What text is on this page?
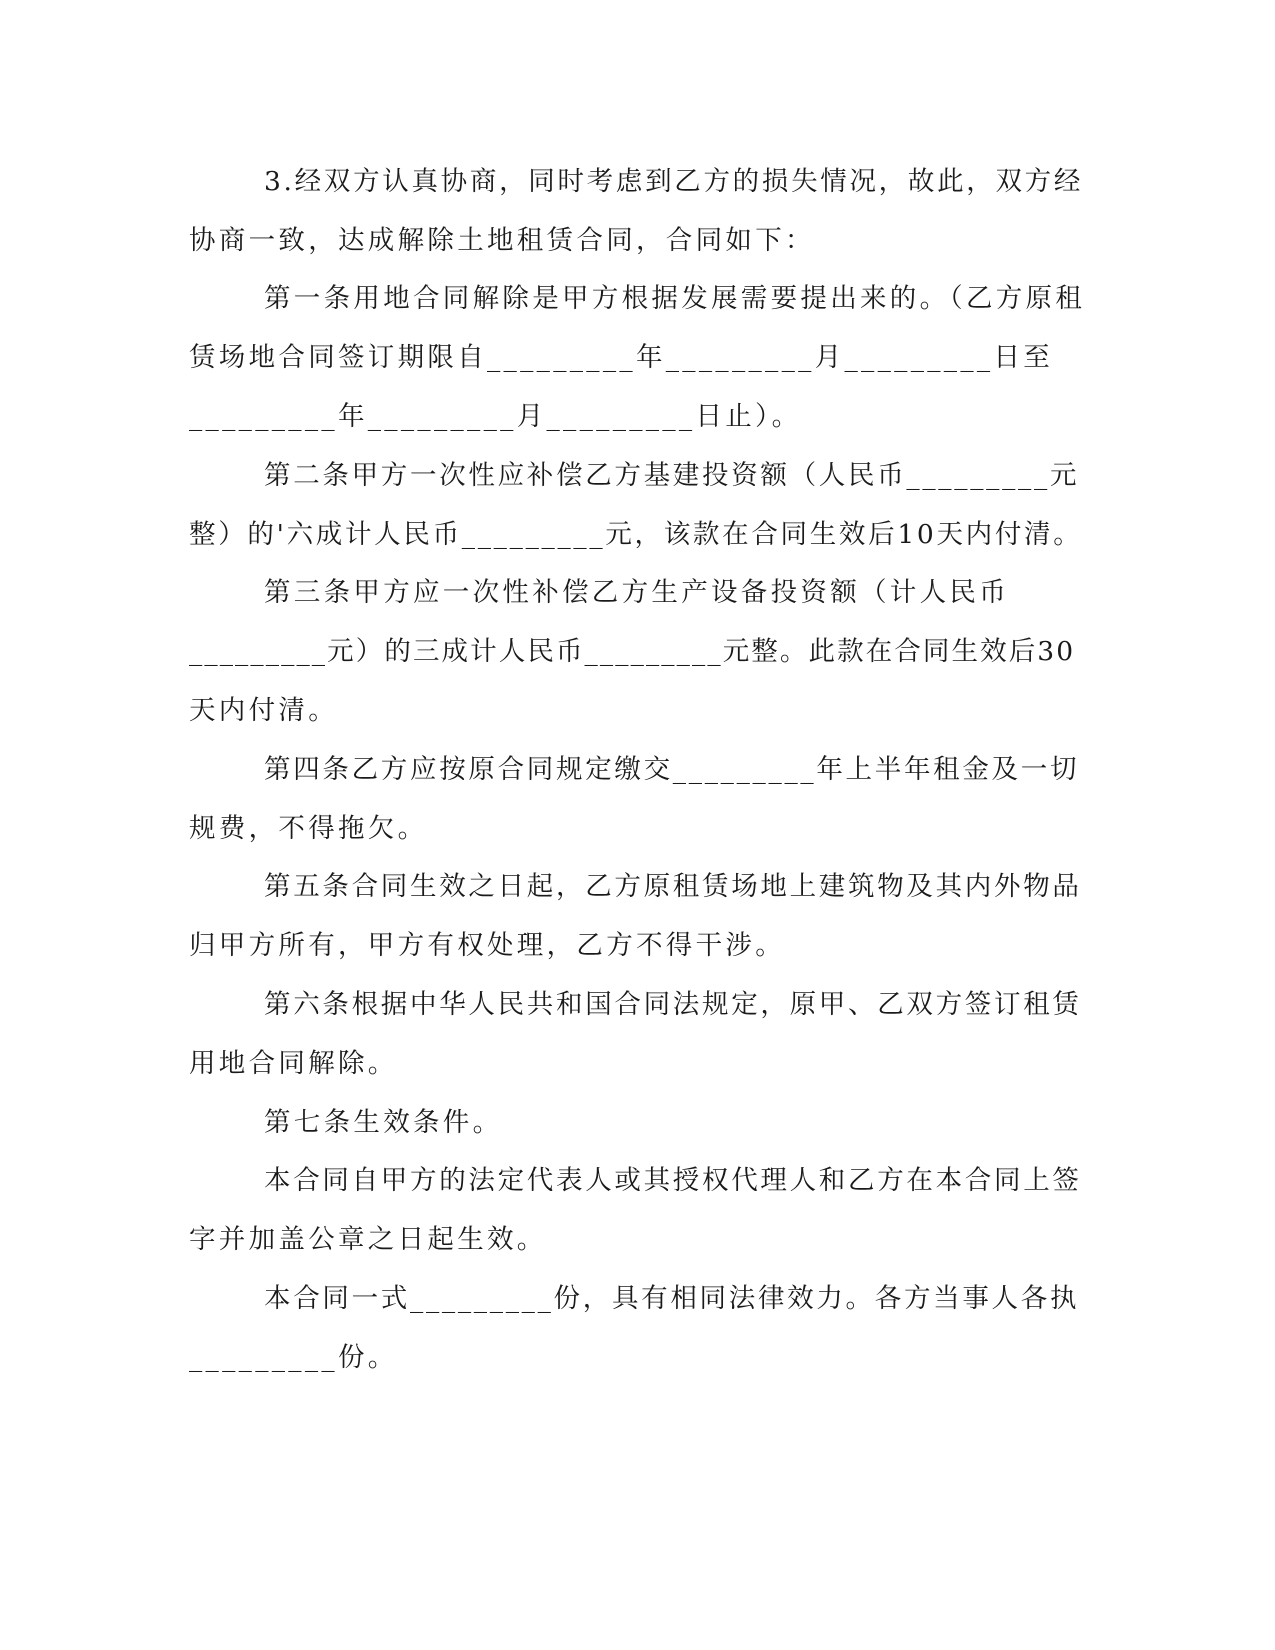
3.经双方认真协商，同时考虑到乙方的损失情况，故此，双方经
协商一致，达成解除土地租赁合同，合同如下：
第一条用地合同解除是甲方根据发展需要提出来的。（乙方原租
赁场地合同签订期限自_________年_________月_________日至
_________年_________月_________日止）。
第二条甲方一次性应补偿乙方基建投资额（人民币_________元
整）的'六成计人民币_________元，该款在合同生效后10天内付清。
第三条甲方应一次性补偿乙方生产设备投资额（计人民币
_________元）的三成计人民币_________元整。此款在合同生效后30
天内付清。
第四条乙方应按原合同规定缴交_________年上半年租金及一切
规费，不得拖欠。
第五条合同生效之日起，乙方原租赁场地上建筑物及其内外物品
归甲方所有，甲方有权处理，乙方不得干涉。
第六条根据中华人民共和国合同法规定，原甲、乙双方签订租赁
用地合同解除。
第七条生效条件。
本合同自甲方的法定代表人或其授权代理人和乙方在本合同上签
字并加盖公章之日起生效。
本合同一式_________份，具有相同法律效力。各方当事人各执
_________份。
